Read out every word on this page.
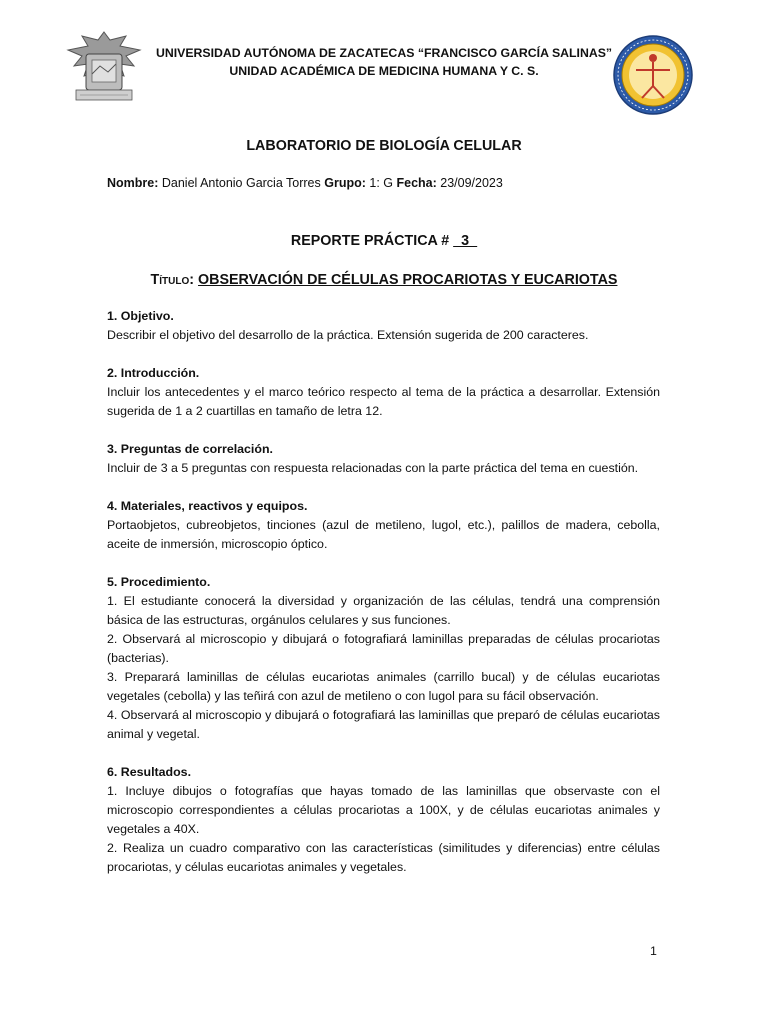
UNIVERSIDAD AUTÓNOMA DE ZACATECAS “FRANCISCO GARCÍA SALINAS”
UNIDAD ACADÉMICA DE MEDICINA HUMANA Y C. S.
LABORATORIO DE BIOLOGÍA CELULAR
Nombre: Daniel Antonio Garcia Torres Grupo: 1: G Fecha: 23/09/2023
REPORTE PRÁCTICA # _3_
Título: OBSERVACIÓN DE CÉLULAS PROCARIOTAS Y EUCARIOTAS
1. Objetivo.

Describir el objetivo del desarrollo de la práctica. Extensión sugerida de 200 caracteres.

2. Introducción.

Incluir los antecedentes y el marco teórico respecto al tema de la práctica a desarrollar. Extensión sugerida de 1 a 2 cuartillas en tamaño de letra 12.

3. Preguntas de correlación.

Incluir de 3 a 5 preguntas con respuesta relacionadas con la parte práctica del tema en cuestión.

4. Materiales, reactivos y equipos.

Portaobjetos, cubreobjetos, tinciones (azul de metileno, lugol, etc.), palillos de madera, cebolla, aceite de inmersión, microscopio óptico.

5. Procedimiento.

1. El estudiante conocerá la diversidad y organización de las células, tendrá una comprensión básica de las estructuras, orgánulos celulares y sus funciones.

2. Observará al microscopio y dibujará o fotografiará laminillas preparadas de células procariotas (bacterias).

3. Preparará laminillas de células eucariotas animales (carrillo bucal) y de células eucariotas vegetales (cebolla) y las teñirá con azul de metileno o con lugol para su fácil observación.

4. Observará al microscopio y dibujará o fotografiará las laminillas que preparó de células eucariotas animal y vegetal.

6. Resultados.

1. Incluye dibujos o fotografías que hayas tomado de las laminillas que observaste con el microscopio correspondientes a células procariotas a 100X, y de células eucariotas animales y vegetales a 40X.

2. Realiza un cuadro comparativo con las características (similitudes y diferencias) entre células procariotas, y células eucariotas animales y vegetales.

1
